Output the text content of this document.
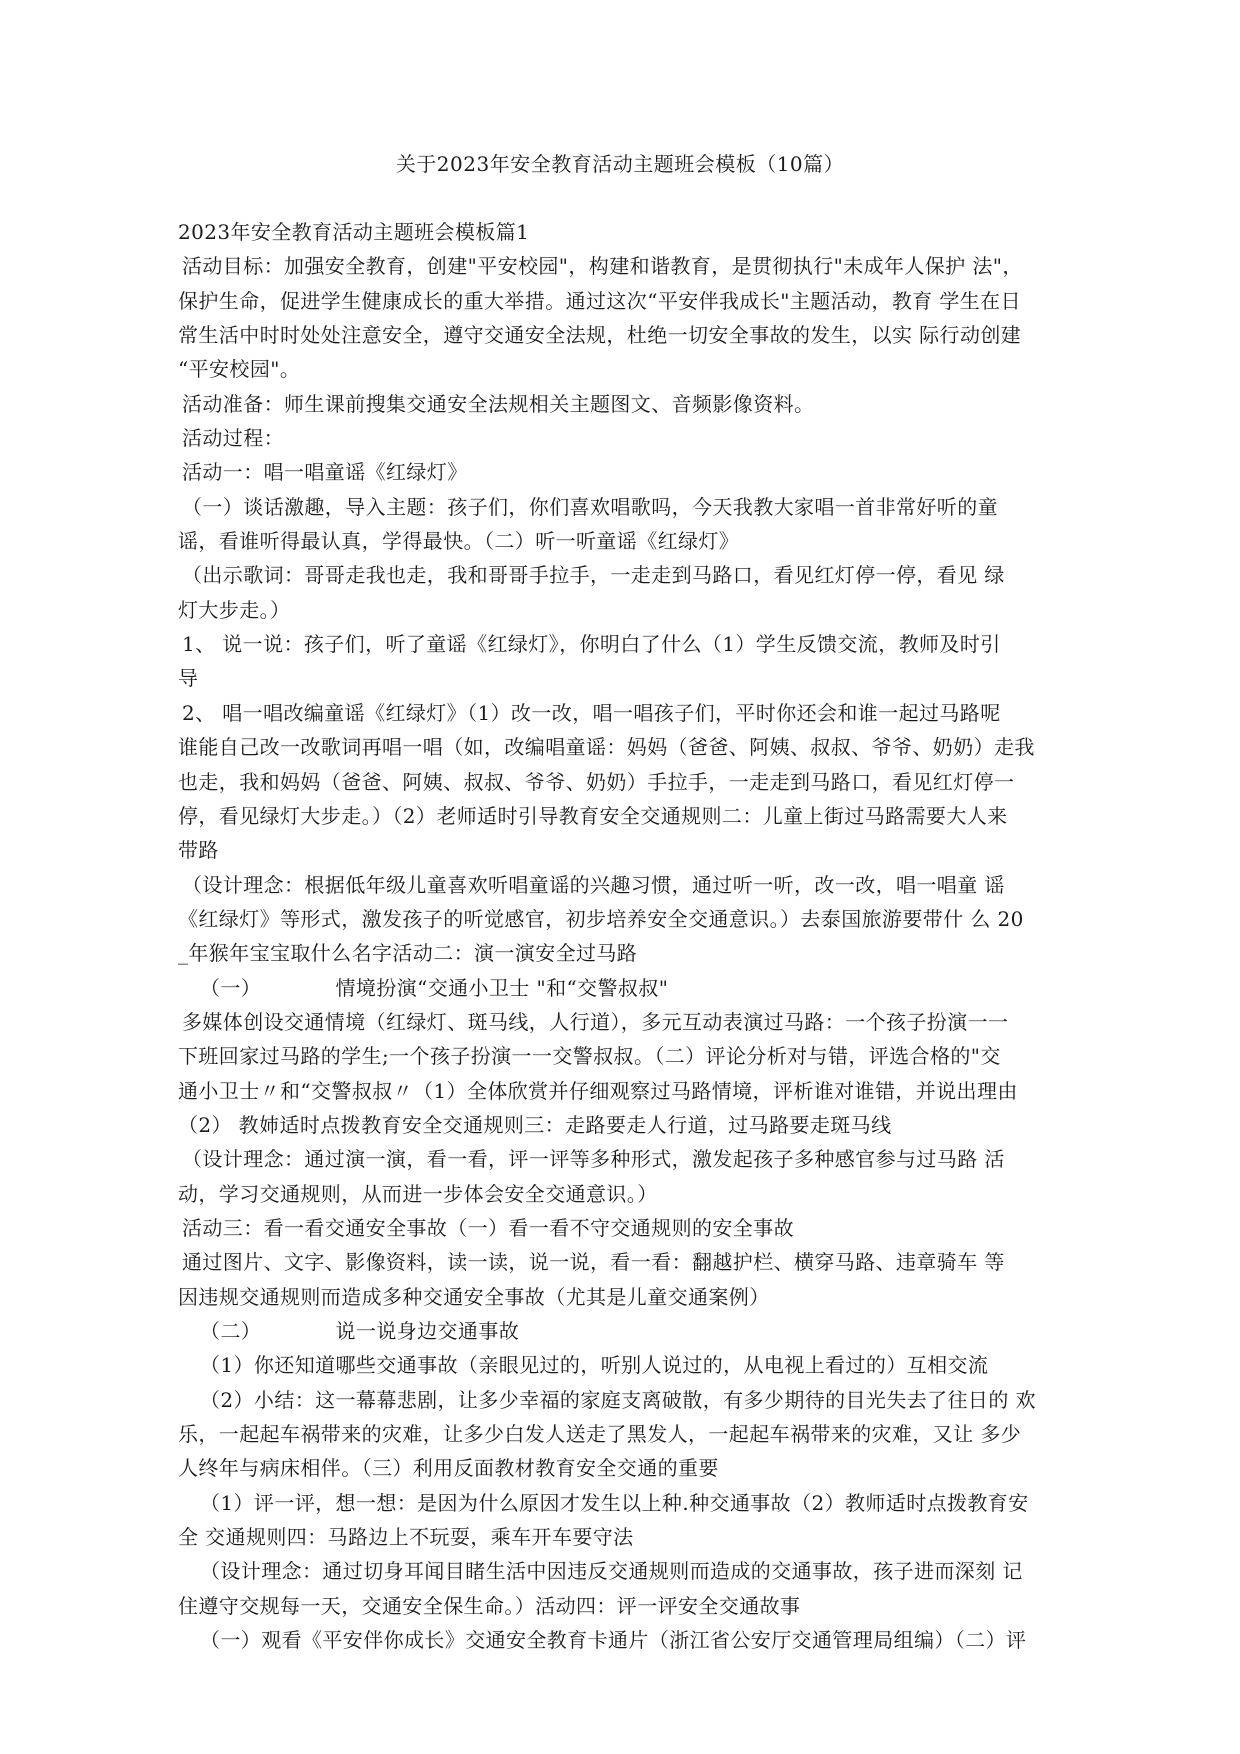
关于2023年安全教育活动主题班会模板（10篇）
2023年安全教育活动主题班会模板篇1
活动目标：加强安全教育，创建"平安校园"，构建和谐教育，是贯彻执行"未成年人保护 法"，
保护生命，促进学生健康成长的重大举措。通过这次“平安伴我成长"主题活动，教育 学生在日
常生活中时时处处注意安全，遵守交通安全法规，杜绝一切安全事故的发生，以实 际行动创建
“平安校园"。
活动准备：师生课前搜集交通安全法规相关主题图文、音频影像资料。
活动过程：
活动一：唱一唱童谣《红绿灯》
（一）谈话激趣，导入主题：孩子们，你们喜欢唱歌吗，今天我教大家唱一首非常好听的童
谣，看谁听得最认真，学得最快。（二）听一听童谣《红绿灯》
（出示歌词：哥哥走我也走，我和哥哥手拉手，一走走到马路口，看见红灯停一停，看见 绿
灯大步走。）
1、 说一说：孩子们，听了童谣《红绿灯》，你明白了什么（1）学生反馈交流，教师及时引
导
2、 唱一唱改编童谣《红绿灯》（1）改一改，唱一唱孩子们，平时你还会和谁一起过马路呢
谁能自己改一改歌词再唱一唱（如，改编唱童谣：妈妈（爸爸、阿姨、叔叔、爷爷、奶奶）走我
也走，我和妈妈（爸爸、阿姨、叔叔、爷爷、奶奶）手拉手，一走走到马路口，看见红灯停一
停，看见绿灯大步走。）（2）老师适时引导教育安全交通规则二：儿童上街过马路需要大人来
带路
（设计理念：根据低年级儿童喜欢听唱童谣的兴趣习惯，通过听一听，改一改，唱一唱童 谣
《红绿灯》等形式，激发孩子的听觉感官，初步培养安全交通意识。）去泰国旅游要带什 么 20
_年猴年宝宝取什么名字活动二：演一演安全过马路
（一）           情境扮演“交通小卫士 "和“交警叔叔"
多媒体创设交通情境（红绿灯、斑马线，人行道），多元互动表演过马路：一个孩子扮演一一
下班回家过马路的学生;一个孩子扮演一一交警叔叔。（二）评论分析对与错，评选合格的"交
通小卫士〃和“交警叔叔〃（1）全体欣赏并仔细观察过马路情境，评析谁对谁错，并说出理由
（2） 教姉适时点拨教育安全交通规则三：走路要走人行道，过马路要走斑马线
（设计理念：通过演一演，看一看，评一评等多种形式，激发起孩子多种感官参与过马路 活
动，学习交通规则，从而进一步体会安全交通意识。）
活动三：看一看交通安全事故（一）看一看不守交通规则的安全事故
通过图片、文字、影像资料，读一读，说一说，看一看：翻越护栏、横穿马路、违章骑车 等
因违规交通规则而造成多种交通安全事故（尤其是儿童交通案例）
（二）           说一说身边交通事故
（1）你还知道哪些交通事故（亲眼见过的，听别人说过的，从电视上看过的）互相交流
（2）小结：这一幕幕悲剧，让多少幸福的家庭支离破散，有多少期待的目光失去了往日的 欢
乐，一起起车祸带来的灾难，让多少白发人送走了黑发人，一起起车祸带来的灾难，又让 多少
人终年与病床相伴。（三）利用反面教材教育安全交通的重要
（1）评一评，想一想：是因为什么原因才发生以上种.种交通事故（2）教师适时点拨教育安
全 交通规则四：马路边上不玩耍，乘车开车要守法
（设计理念：通过切身耳闻目睹生活中因违反交通规则而造成的交通事故，孩子进而深刻 记
住遵守交规每一天，交通安全保生命。）活动四：评一评安全交通故事
（一）观看《平安伴你成长》交通安全教育卡通片（浙江省公安厅交通管理局组编）（二）评
